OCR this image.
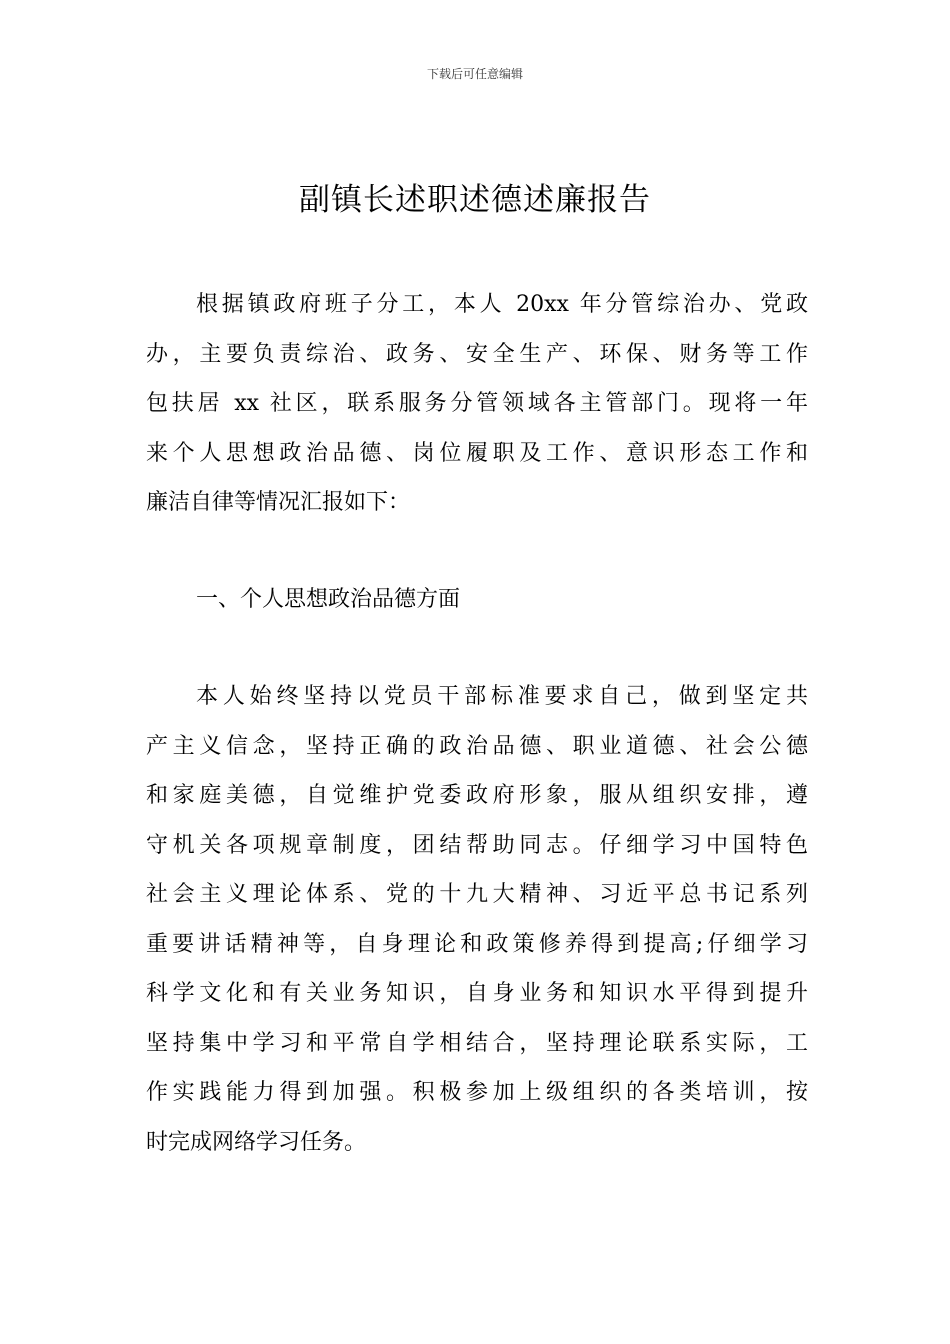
下载后可任意编辑
副镇长述职述德述廉报告
根据镇政府班子分工，本人 20xx 年分管综治办、党政
办，主要负责综治、政务、安全生产、环保、财务等工作
包扶居 xx 社区，联系服务分管领域各主管部门。现将一年
来个人思想政治品德、岗位履职及工作、意识形态工作和
廉洁自律等情况汇报如下：
一、个人思想政治品德方面
本人始终坚持以党员干部标准要求自己，做到坚定共
产主义信念，坚持正确的政治品德、职业道德、社会公德
和家庭美德，自觉维护党委政府形象，服从组织安排，遵
守机关各项规章制度，团结帮助同志。仔细学习中国特色
社会主义理论体系、党的十九大精神、习近平总书记系列
重要讲话精神等，自身理论和政策修养得到提高;仔细学习
科学文化和有关业务知识，自身业务和知识水平得到提升
坚持集中学习和平常自学相结合，坚持理论联系实际，工
作实践能力得到加强。积极参加上级组织的各类培训，按
时完成网络学习任务。
